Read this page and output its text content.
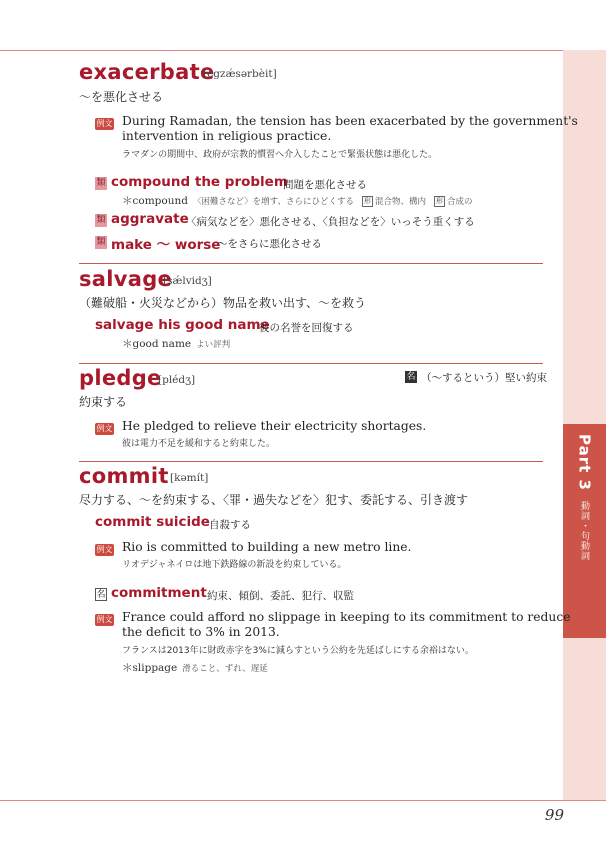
Part 3
動詞・句動詞
exacerbate
[egzǽsərbèit]
～を悪化させる
例文 During Ramadan, the tension has been exacerbated by the government's
intervention in religious practice.
ラマダンの期間中、政府が宗教的慣習へ介入したことで緊張状態は悪化した。
類 compound the problem
問題を悪化させる
＊compound 〈困難さなど〉を増す、さらにひどくする 形 混合物、構内 形 合成の
類 aggravate
〈病気などを〉悪化させる、〈負担などを〉いっそう重くする
類 make ～ worse
～をさらに悪化させる
salvage
[sǽlvidʒ]
（難破船・火災などから）物品を救い出す、～を救う
salvage his good name
彼の名誉を回復する
＊good name よい評判
pledge
[plédʒ]	名 （～するという）堅い約束
約束する
例文 He pledged to relieve their electricity shortages.
彼は電力不足を緩和すると約束した。
commit [kəmít]
尽力する、～を約束する、〈罪・過失などを〉犯す、委託する、引き渡す
commit suicide 自殺する
例文 Rio is committed to building a new metro line.
リオデジャネイロは地下鉄路線の新設を約束している。
名 commitment 約束、傾倒、委託、犯行、収監
例文 France could afford no slippage in keeping to its commitment to reduce
the deficit to 3% in 2013.
フランスは2013年に財政赤字を3%に減らすという公約を先延ばしにする余裕はない。
＊slippage 滑ること、ずれ、遅延
99
